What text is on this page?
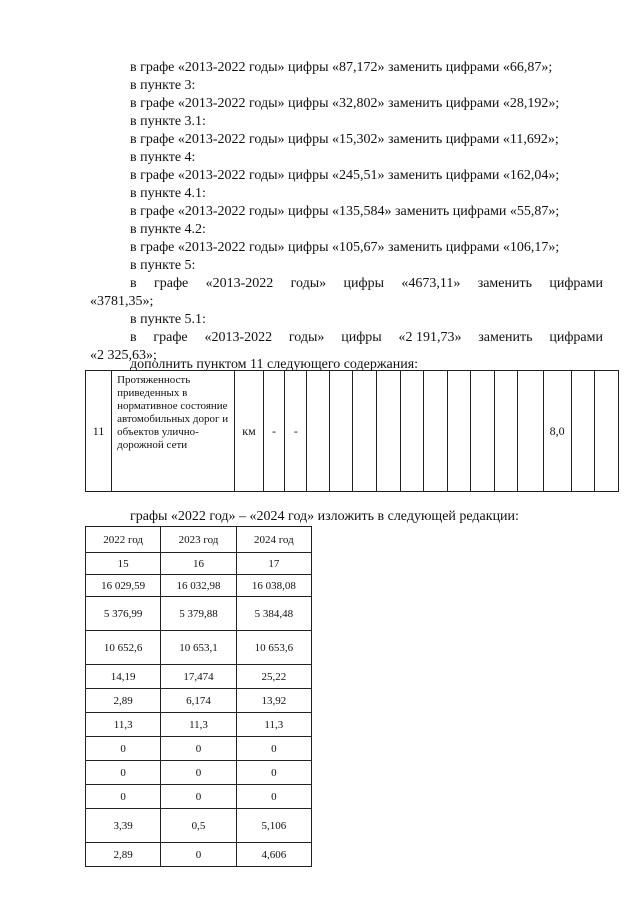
в графе «2013-2022 годы» цифры «87,172» заменить цифрами «66,87»;
в пункте 3:
в графе «2013-2022 годы» цифры «32,802» заменить цифрами «28,192»;
в пункте 3.1:
в графе «2013-2022 годы» цифры «15,302» заменить цифрами «11,692»;
в пункте 4:
в графе «2013-2022 годы» цифры «245,51» заменить цифрами «162,04»;
в пункте 4.1:
в графе «2013-2022 годы» цифры «135,584» заменить цифрами «55,87»;
в пункте 4.2:
в графе «2013-2022 годы» цифры «105,67» заменить цифрами «106,17»;
в пункте 5:
в графе «2013-2022 годы» цифры «4673,11» заменить цифрами
«3781,35»;
в пункте 5.1:
в графе «2013-2022 годы» цифры «2 191,73» заменить цифрами
«2 325,63»;
дополнить пунктом 11 следующего содержания:
11	Протяженность приведенных в нормативное состояние автомобильных дорог и объектов улично-дорожной сети	км	-	-											8,0		
графы «2022 год» – «2024 год» изложить в следующей редакции:
2022 год	2023 год	2024 год
15	16	17
16 029,59	16 032,98	16 038,08
5 376,99	5 379,88	5 384,48
10 652,6	10 653,1	10 653,6
14,19	17,474	25,22
2,89	6,174	13,92
11,3	11,3	11,3
0	0	0
0	0	0
0	0	0
3,39	0,5	5,106
2,89	0	4,606
